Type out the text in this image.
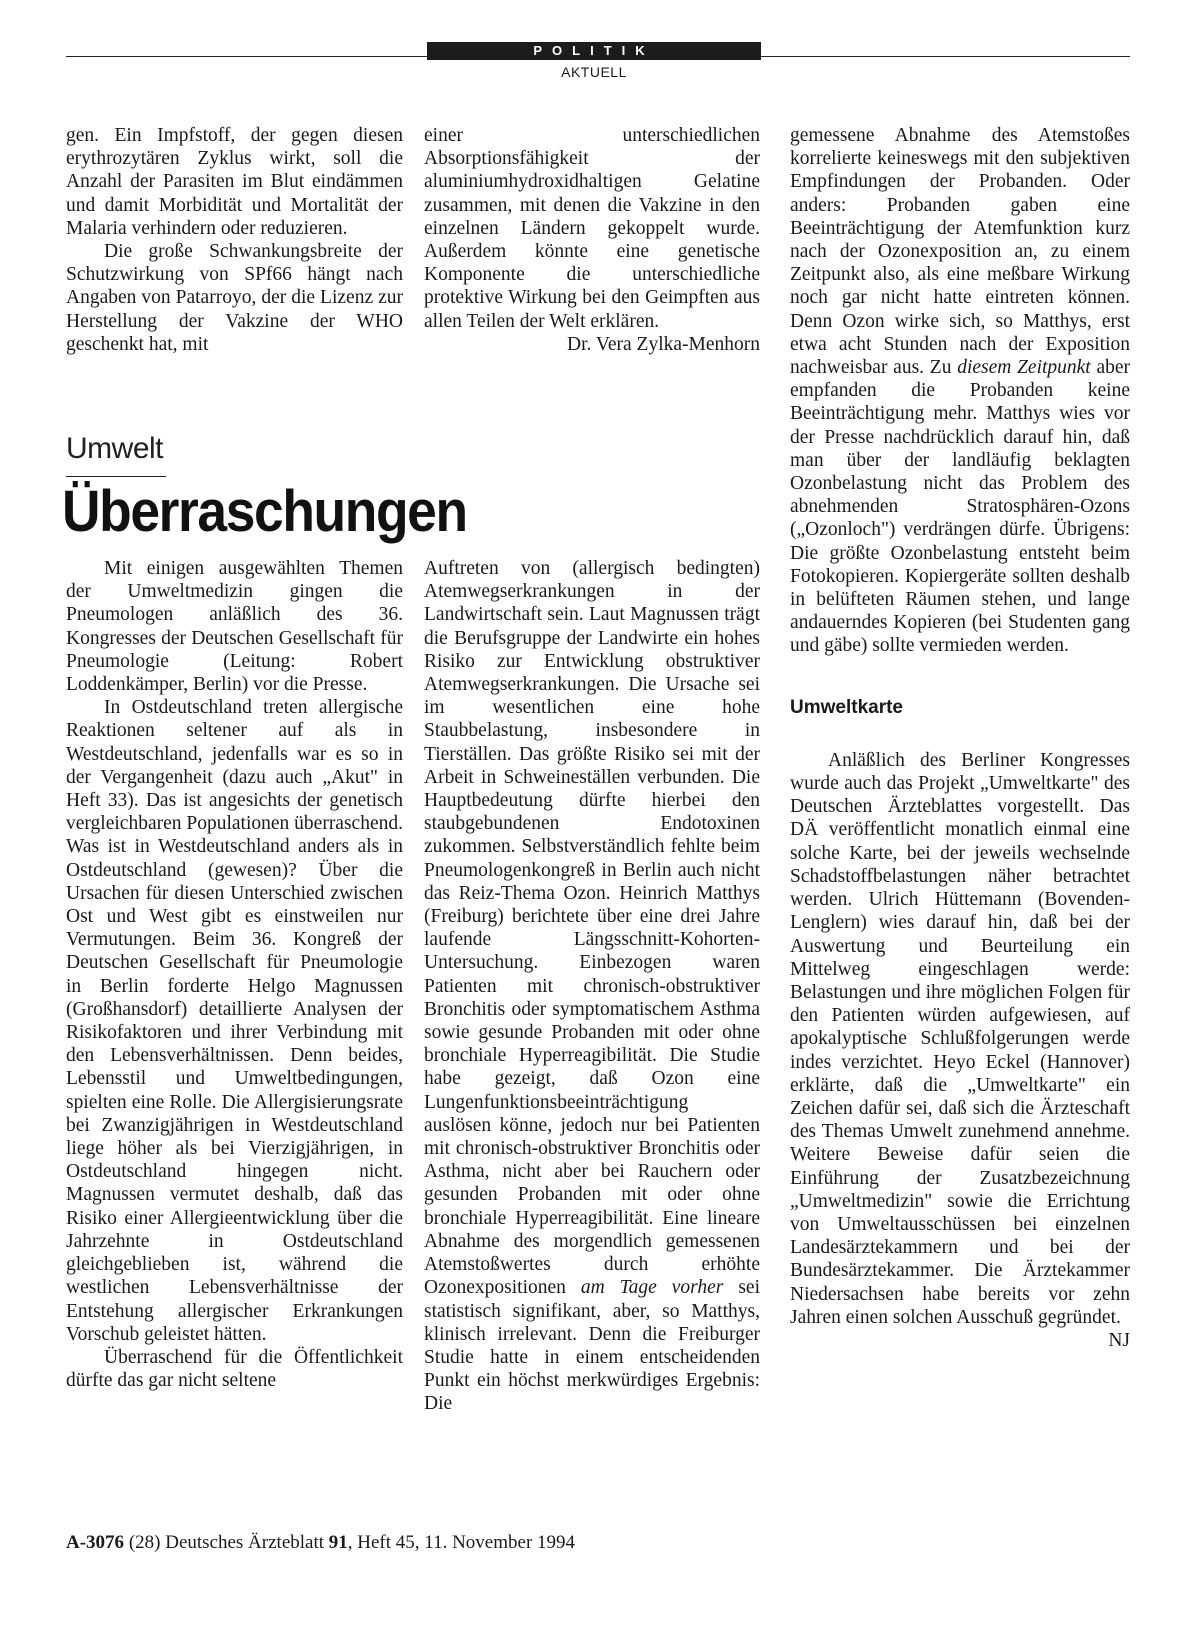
POLITIK
AKTUELL

gen. Ein Impfstoff, der gegen diesen erythrozytären Zyklus wirkt, soll die Anzahl der Parasiten im Blut eindämmen und damit Morbidität und Mortalität der Malaria verhindern oder reduzieren.

Die große Schwankungsbreite der Schutzwirkung von SPf66 hängt nach Angaben von Patarroyo, der die Lizenz zur Herstellung der Vakzine der WHO geschenkt hat, mit

einer unterschiedlichen Absorptionsfähigkeit der aluminiumhydroxidhaltigen Gelatine zusammen, mit denen die Vakzine in den einzelnen Ländern gekoppelt wurde. Außerdem könnte eine genetische Komponente die unterschiedliche protektive Wirkung bei den Geimpften aus allen Teilen der Welt erklären.

Dr. Vera Zylka-Menhorn

Umwelt
Überraschungen

Mit einigen ausgewählten Themen der Umweltmedizin gingen die Pneumologen anläßlich des 36. Kongresses der Deutschen Gesellschaft für Pneumologie (Leitung: Robert Loddenkämper, Berlin) vor die Presse.

In Ostdeutschland treten allergische Reaktionen seltener auf als in Westdeutschland, jedenfalls war es so in der Vergangenheit (dazu auch „Akut" in Heft 33). Das ist angesichts der genetisch vergleichbaren Populationen überraschend. Was ist in Westdeutschland anders als in Ostdeutschland (gewesen)? Über die Ursachen für diesen Unterschied zwischen Ost und West gibt es einstweilen nur Vermutungen. Beim 36. Kongreß der Deutschen Gesellschaft für Pneumologie in Berlin forderte Helgo Magnussen (Großhansdorf) detaillierte Analysen der Risikofaktoren und ihrer Verbindung mit den Lebensverhältnissen. Denn beides, Lebensstil und Umweltbedingungen, spielten eine Rolle. Die Allergisierungsrate bei Zwanzigjährigen in Westdeutschland liege höher als bei Vierzigjährigen, in Ostdeutschland hingegen nicht. Magnussen vermutet deshalb, daß das Risiko einer Allergieentwicklung über die Jahrzehnte in Ostdeutschland gleichgeblieben ist, während die westlichen Lebensverhältnisse der Entstehung allergischer Erkrankungen Vorschub geleistet hätten.

Überraschend für die Öffentlichkeit dürfte das gar nicht seltene

Auftreten von (allergisch bedingten) Atemwegserkrankungen in der Landwirtschaft sein. Laut Magnussen trägt die Berufsgruppe der Landwirte ein hohes Risiko zur Entwicklung obstruktiver Atemwegserkrankungen. Die Ursache sei im wesentlichen eine hohe Staubbelastung, insbesondere in Tierställen. Das größte Risiko sei mit der Arbeit in Schweineställen verbunden. Die Hauptbedeutung dürfte hierbei den staubgebundenen Endotoxinen zukommen. Selbstverständlich fehlte beim Pneumologenkongreß in Berlin auch nicht das Reiz-Thema Ozon. Heinrich Matthys (Freiburg) berichtete über eine drei Jahre laufende Längsschnitt-Kohorten-Untersuchung. Einbezogen waren Patienten mit chronisch-obstruktiver Bronchitis oder symptomatischem Asthma sowie gesunde Probanden mit oder ohne bronchiale Hyperreagibilität. Die Studie habe gezeigt, daß Ozon eine Lungenfunktionsbeeinträchtigung auslösen könne, jedoch nur bei Patienten mit chronisch-obstruktiver Bronchitis oder Asthma, nicht aber bei Rauchern oder gesunden Probanden mit oder ohne bronchiale Hyperreagibilität. Eine lineare Abnahme des morgendlich gemessenen Atemstoßwertes durch erhöhte Ozonexpositionen am Tage vorher sei statistisch signifikant, aber, so Matthys, klinisch irrelevant. Denn die Freiburger Studie hatte in einem entscheidenden Punkt ein höchst merkwürdiges Ergebnis: Die

gemessene Abnahme des Atemstoßes korrelierte keineswegs mit den subjektiven Empfindungen der Probanden. Oder anders: Probanden gaben eine Beeinträchtigung der Atemfunktion kurz nach der Ozonexposition an, zu einem Zeitpunkt also, als eine meßbare Wirkung noch gar nicht hatte eintreten können. Denn Ozon wirke sich, so Matthys, erst etwa acht Stunden nach der Exposition nachweisbar aus. Zu diesem Zeitpunkt aber empfanden die Probanden keine Beeinträchtigung mehr. Matthys wies vor der Presse nachdrücklich darauf hin, daß man über der landläufig beklagten Ozonbelastung nicht das Problem des abnehmenden Stratosphären-Ozons („Ozonloch") verdrängen dürfe. Übrigens: Die größte Ozonbelastung entsteht beim Fotokopieren. Kopiergeräte sollten deshalb in belüfteten Räumen stehen, und lange andauerndes Kopieren (bei Studenten gang und gäbe) sollte vermieden werden.

Umweltkarte

Anläßlich des Berliner Kongresses wurde auch das Projekt „Umweltkarte" des Deutschen Ärzteblattes vorgestellt. Das DÄ veröffentlicht monatlich einmal eine solche Karte, bei der jeweils wechselnde Schadstoffbelastungen näher betrachtet werden. Ulrich Hüttemann (Bovenden-Lenglern) wies darauf hin, daß bei der Auswertung und Beurteilung ein Mittelweg eingeschlagen werde: Belastungen und ihre möglichen Folgen für den Patienten würden aufgewiesen, auf apokalyptische Schlußfolgerungen werde indes verzichtet. Heyo Eckel (Hannover) erklärte, daß die „Umweltkarte" ein Zeichen dafür sei, daß sich die Ärzteschaft des Themas Umwelt zunehmend annehme. Weitere Beweise dafür seien die Einführung der Zusatzbezeichnung „Umweltmedizin" sowie die Errichtung von Umweltausschüssen bei einzelnen Landesärztekammern und bei der Bundesärztekammer. Die Ärztekammer Niedersachsen habe bereits vor zehn Jahren einen solchen Ausschuß gegründet.
NJ

A-3076 (28) Deutsches Ärzteblatt 91, Heft 45, 11. November 1994
